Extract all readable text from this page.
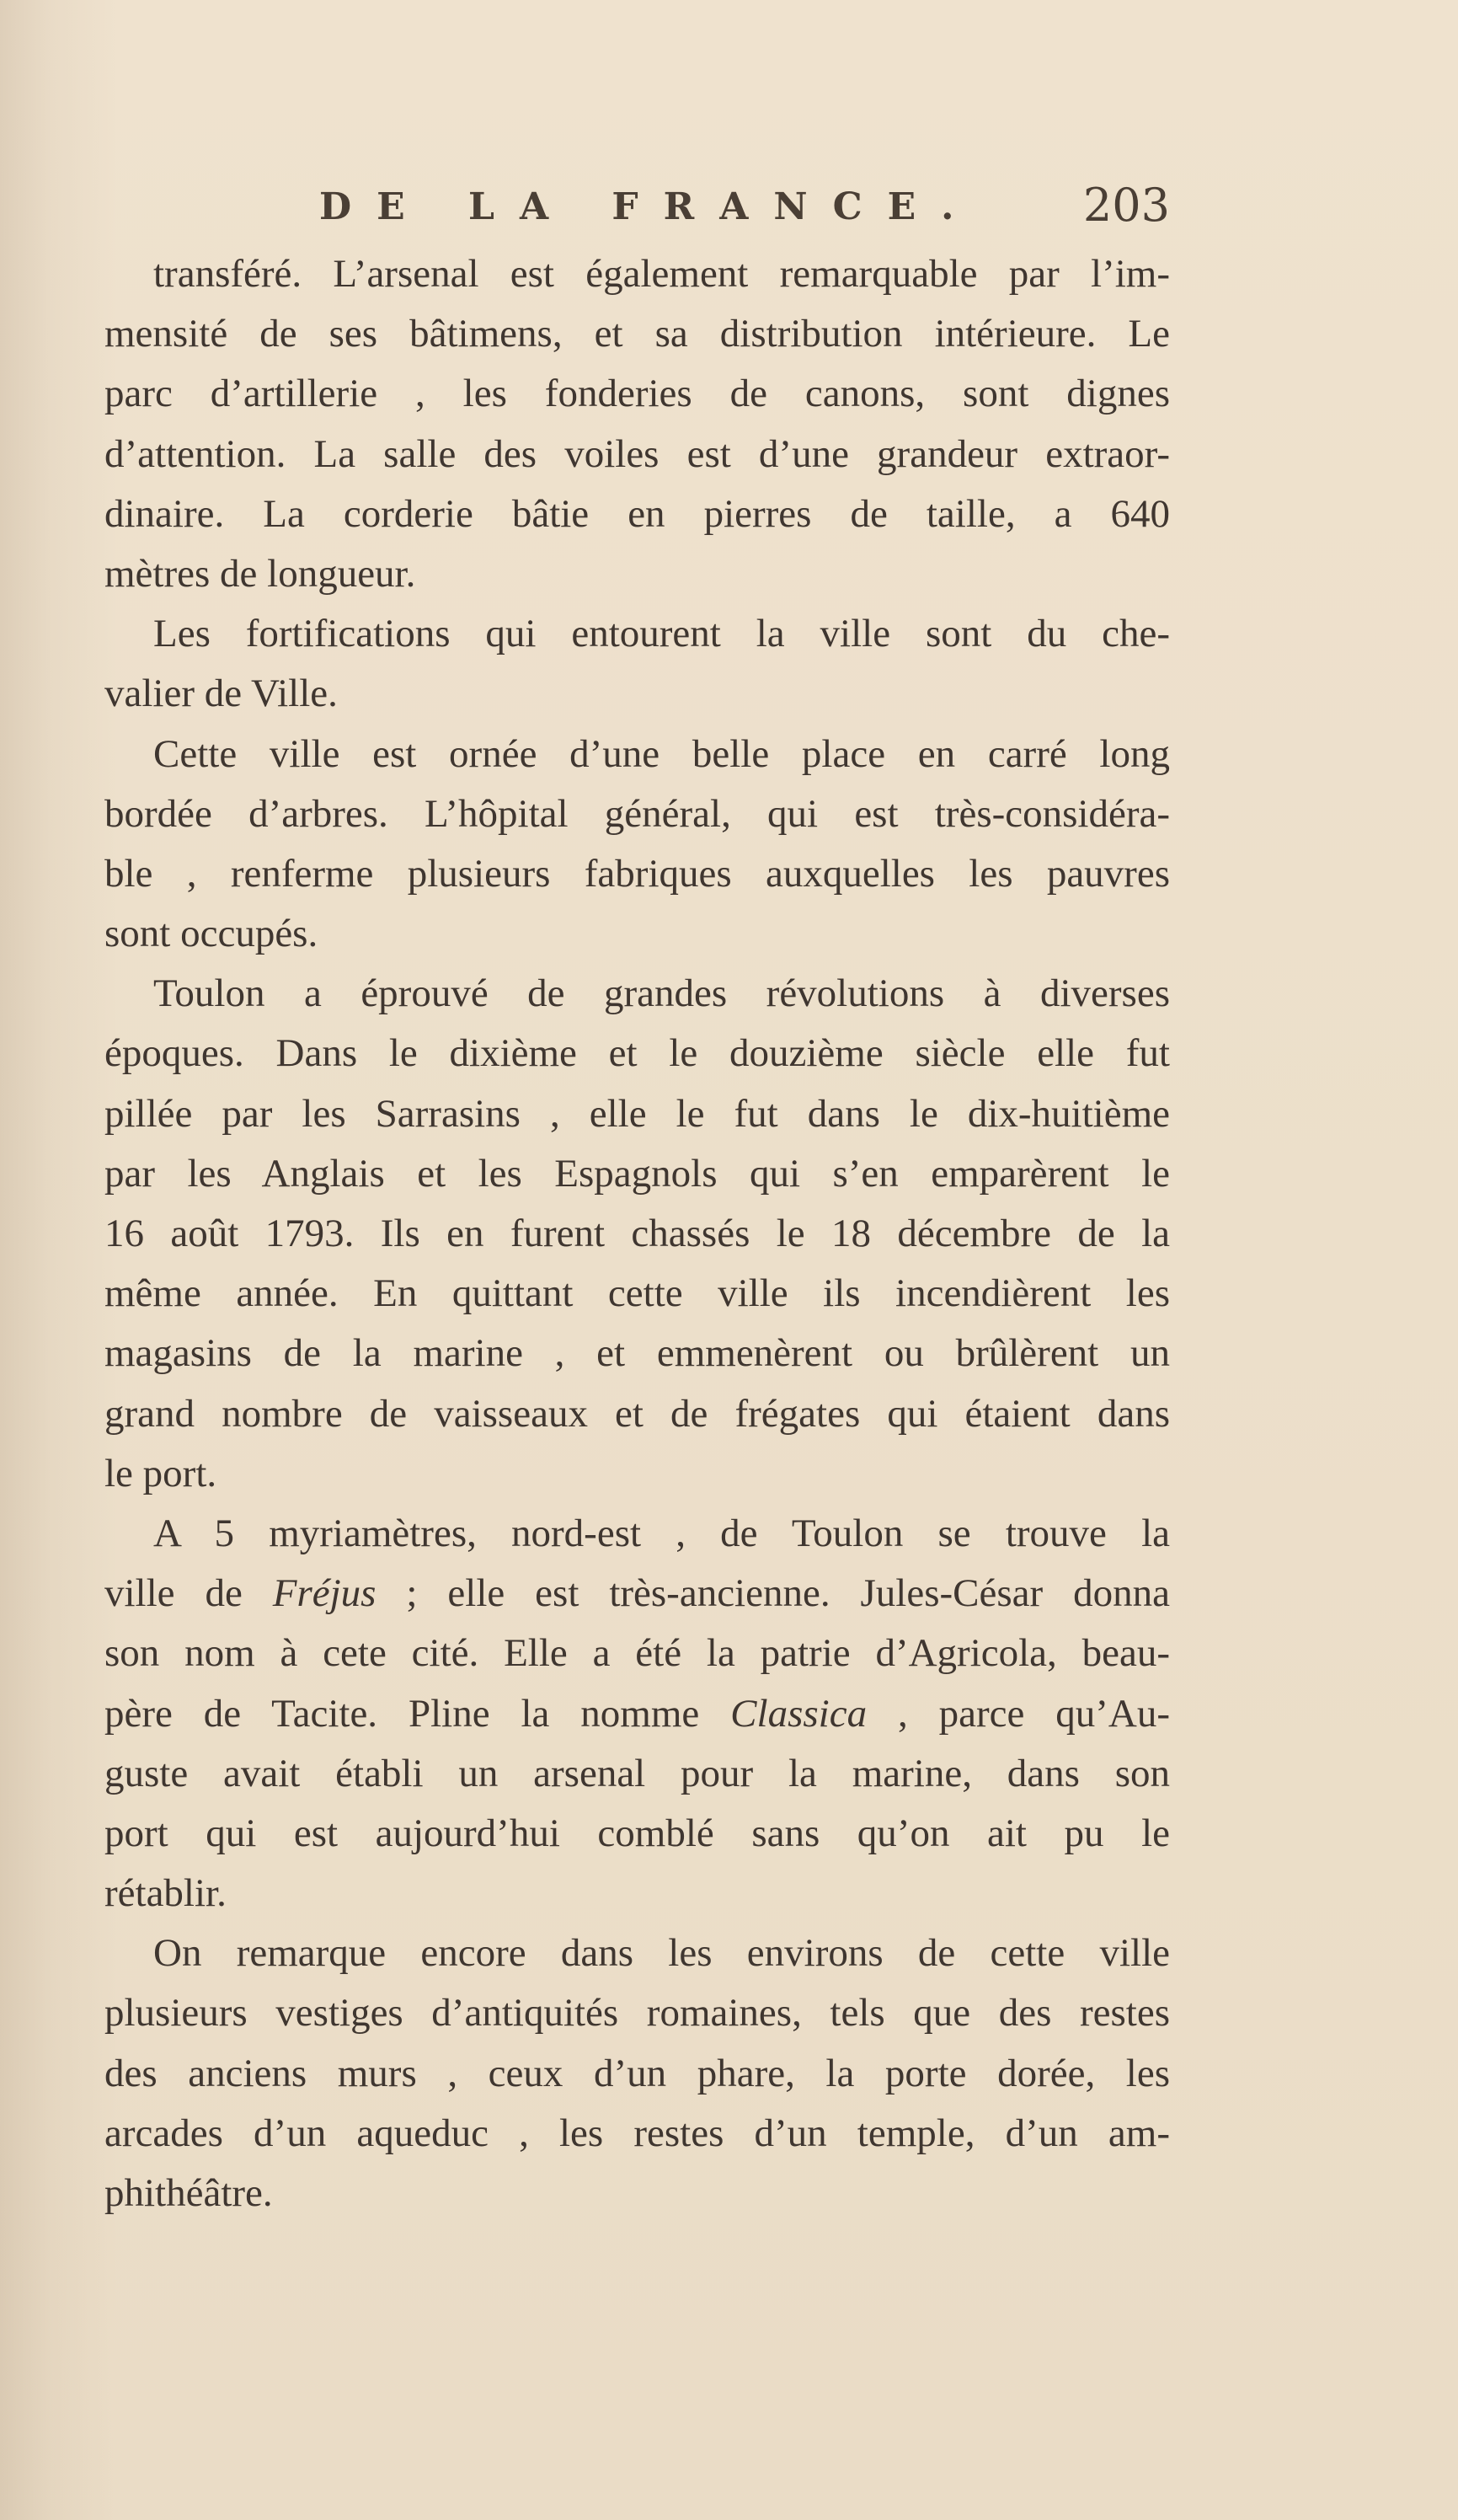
DE LA FRANCE. 203

transféré. L’arsenal est également remarquable par l’im-
mensité de ses bâtimens, et sa distribution intérieure. Le
parc d’artillerie , les fonderies de canons, sont dignes
d’attention. La salle des voiles est d’une grandeur extraor-
dinaire. La corderie bâtie en pierres de taille, a 640
mètres de longueur.

Les fortifications qui entourent la ville sont du che-
valier de Ville.

Cette ville est ornée d’une belle place en carré long
bordée d’arbres. L’hôpital général, qui est très-considéra-
ble , renferme plusieurs fabriques auxquelles les pauvres
sont occupés.

Toulon a éprouvé de grandes révolutions à diverses
époques. Dans le dixième et le douzième siècle elle fut
pillée par les Sarrasins , elle le fut dans le dix-huitième
par les Anglais et les Espagnols qui s’en emparèrent le
16 août 1793. Ils en furent chassés le 18 décembre de la
même année. En quittant cette ville ils incendièrent les
magasins de la marine , et emmenèrent ou brûlèrent un
grand nombre de vaisseaux et de frégates qui étaient dans
le port.

A 5 myriamètres, nord-est , de Toulon se trouve la
ville de Fréjus ; elle est très-ancienne. Jules-César donna
son nom à cete cité. Elle a été la patrie d’Agricola, beau-
père de Tacite. Pline la nomme Classica , parce qu’Au-
guste avait établi un arsenal pour la marine, dans son
port qui est aujourd’hui comblé sans qu’on ait pu le
rétablir.

On remarque encore dans les environs de cette ville
plusieurs vestiges d’antiquités romaines, tels que des restes
des anciens murs , ceux d’un phare, la porte dorée, les
arcades d’un aqueduc , les restes d’un temple, d’un am-
phithéâtre.
